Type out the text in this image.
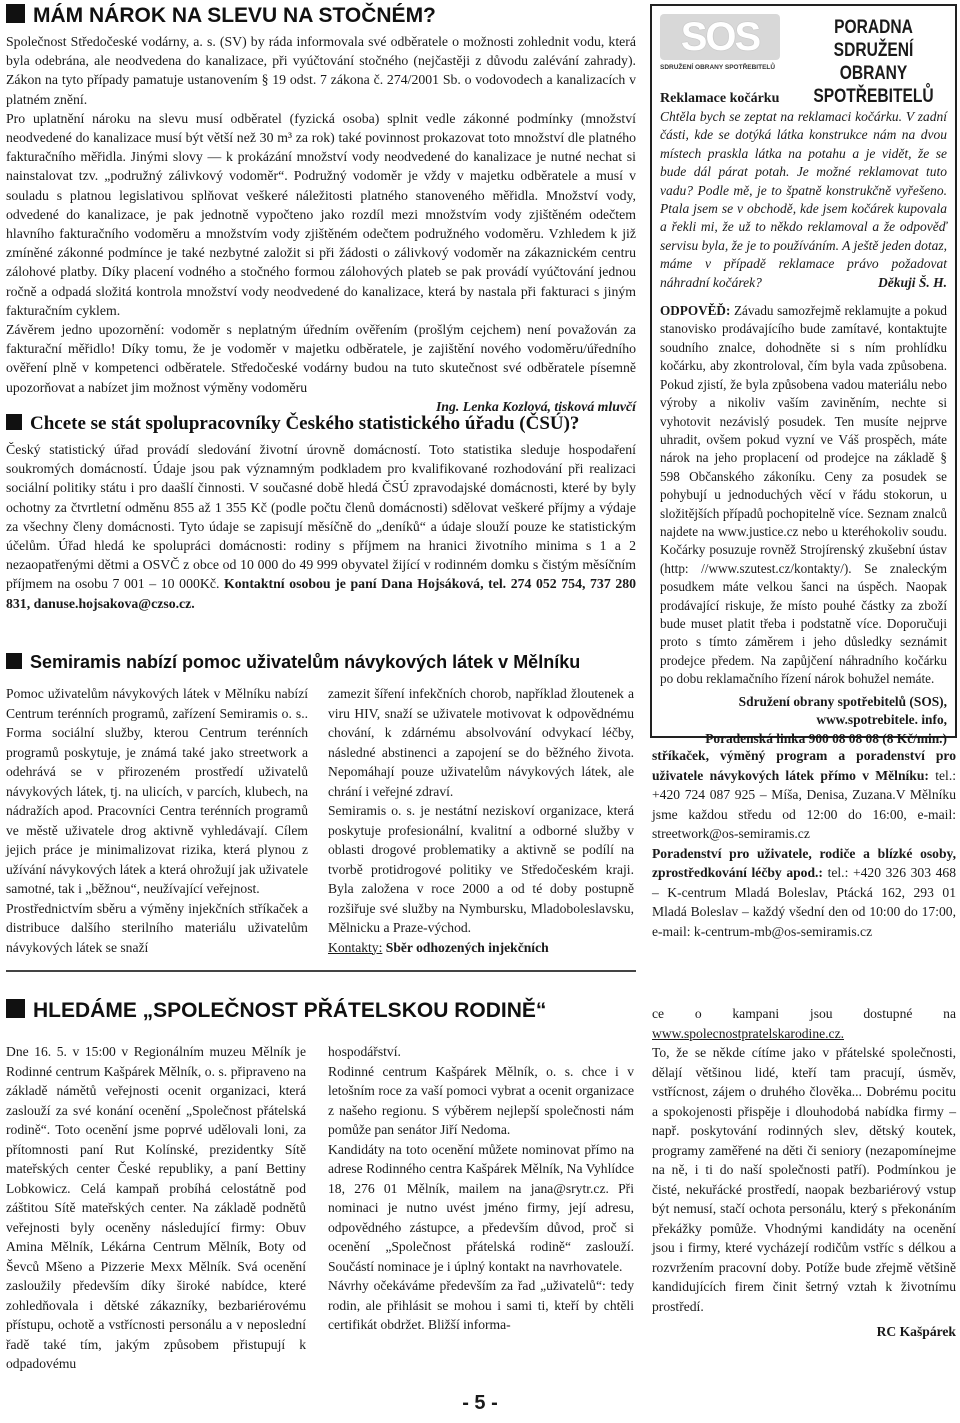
MÁM NÁROK NA SLEVU NA STOČNÉM?

Společnost Středočeské vodárny, a. s. (SV) by ráda informovala své odběratele o možnosti zohlednit vodu, která byla odebrána, ale neodvedena do kanalizace, při vyúčtování stočného (nejčastěji z důvodu zalévání zahrady). Zákon na tyto případy pamatuje ustanovením § 19 odst. 7 zákona č. 274/2001 Sb. o vodovodech a kanalizacích v platném znění.

Pro uplatnění nároku na slevu musí odběratel (fyzická osoba) splnit vedle zákonné podmínky (množství neodvedené do kanalizace musí být větší než 30 m³ za rok) také povinnost prokazovat toto množství dle platného fakturačního měřidla. Jinými slovy — k prokázání množství vody neodvedené do kanalizace je nutné nechat si nainstalovat tzv. „podružný zálivkový vodoměr“. Podružný vodoměr je vždy v majetku odběratele a musí v souladu s platnou legislativou splňovat veškeré náležitosti platného stanoveného měřidla. Množství vody, odvedené do kanalizace, je pak jednotně vypočteno jako rozdíl mezi množstvím vody zjištěném odečtem hlavního fakturačního vodoměru a množstvím vody zjištěném odečtem podružného vodoměru. Vzhledem k již zmíněné zákonné podmínce je také nezbytné založit si při žádosti o zálivkový vodoměr na zákaznickém centru zálohové platby. Díky placení vodného a stočného formou zálohových plateb se pak provádí vyúčtování jednou ročně a odpadá složitá kontrola množství vody neodvedené do kanalizace, která by nastala při fakturaci s jiným fakturačním cyklem.

Závěrem jedno upozornění: vodoměr s neplatným úředním ověřením (prošlým cejchem) není považován za fakturační měřidlo! Díky tomu, že je vodoměr v majetku odběratele, je zajištění nového vodoměru/úředního ověření plně v kompetenci odběratele. Středočeské vodárny budou na tuto skutečnost své odběratele písemně upozorňovat a nabízet jim možnost výměny vodoměru

Ing. Lenka Kozlová, tisková mluvčí

Chcete se stát spolupracovníky Českého statistického úřadu (ČSÚ)?

Český statistický úřad provádí sledování životní úrovně domácností. Toto statistika sleduje hospodaření soukromých domácností. Údaje jsou pak významným podkladem pro kvalifikované rozhodování při realizaci sociální politiky státu i pro daašlí činnosti. V současné době hledá ČSÚ zpravodajské domácnosti, které by byly ochotny za čtvrtletní odměnu 855 až 1 355 Kč (podle počtu členů domácnosti) sdělovat veškeré příjmy a výdaje za všechny členy domácnosti. Tyto údaje se zapisují měsíčně do „deníků“ a údaje slouží pouze ke statistickým účelům. Úřad hledá ke spolupráci domácnosti: rodiny s příjmem na hranici životního minima s 1 a 2 nezaopatřenými dětmi a OSVČ z obce od 10 000 do 49 999 obyvatel žijící v rodinném domku s čistým měsíčním příjmem na osobu 7 001 – 10 000Kč. Kontaktní osobou je paní Dana Hojsáková, tel. 274 052 754, 737 280 831, danuse.hojsakova@czso.cz.

Semiramis nabízí pomoc uživatelům návykových látek v Mělníku

Pomoc uživatelům návykových látek v Mělníku nabízí Centrum terénních programů, zařízení Semiramis o. s.. Forma sociální služby, kterou Centrum terénních programů poskytuje, je známá také jako streetwork a odehrává se v přirozeném prostředí uživatelů návykových látek, tj. na ulicích, v parcích, klubech, na nádražích apod. Pracovníci Centra terénních programů ve městě uživatele drog aktivně vyhledávají. Cílem jejich práce je minimalizovat rizika, která plynou z užívání návykových látek a která ohrožují jak uživatele samotné, tak i „běžnou“, neužívající veřejnost.

Prostřednictvím sběru a výměny injekčních stříkaček a distribuce dalšího sterilního materiálu uživatelům návykových látek se snaží

zamezit šíření infekčních chorob, například žloutenek a viru HIV, snaží se uživatele motivovat k odpovědnému chování, k zdárnému absolvování odvykací léčby, následné abstinenci a zapojení se do běžného života. Nepomáhají pouze uživatelům návykových látek, ale chrání i veřejné zdraví.

Semiramis o. s. je nestátní neziskoví organizace, která poskytuje profesionální, kvalitní a odborné služby v oblasti drogové problematiky a aktivně se podílí na tvorbě protidrogové politiky ve Středočeském kraji. Byla založena v roce 2000 a od té doby postupně rozšiřuje své služby na Nymbursku, Mladoboleslavsku, Mělnicku a Praze-východ.

Kontakty: Sběr odhozených injekčních

stříkaček, výměný program a poradenství pro uživatele návykových látek přímo v Mělníku: tel.: +420 724 087 925 – Míša, Denisa, Zuzana.V Mělníku jsme každou středu od 12:00 do 16:00, e-mail: streetwork@os-semiramis.cz

Poradenství pro uživatele, rodiče a blízké osoby, zprostředkování léčby apod.: tel.: +420 326 303 468 – K-centrum Mladá Boleslav, Ptácká 162, 293 01 Mladá Boleslav – každý všední den od 10:00 do 17:00, e-mail: k-centrum-mb@os-semiramis.cz

SOS
SDRUŽENÍ OBRANY SPOTŘEBITELŮ
PORADNA SDRUŽENÍ
OBRANY SPOTŘEBITELŮ
Reklamace kočárku

Chtěla bych se zeptat na reklamaci kočárku. V zadní části, kde se dotýká látka konstrukce nám na dvou místech praskla látka na potahu a je vidět, že se bude dál párat potah. Je možné reklamovat tuto vadu? Podle mě, je to špatně konstrukčně vyřešeno. Ptala jsem se v obchodě, kde jsem kočárek kupovala a řekli mi, že už to někdo reklamoval a že odpověď servisu byla, že je to používáním. A ještě jeden dotaz, máme v případě reklamace právo požadovat náhradní kočárek?	Děkuji Š. H.

ODPOVĚĎ: Závadu samozřejmě reklamujte a pokud stanovisko prodávajícího bude zamítavé, kontaktujte soudního znalce, dohodněte si s ním prohlídku kočárku, aby zkontroloval, čím byla vada způsobena. Pokud zjistí, že byla způsobena vadou materiálu nebo výroby a nikoliv vaším zaviněním, nechte si vyhotovit nezávislý posudek. Ten musíte nejprve uhradit, ovšem pokud vyzní ve Váš prospěch, máte nárok na jeho proplacení od prodejce na základě § 598 Občanského zákoníku. Ceny za posudek se pohybují u jednoduchých věcí v řádu stokorun, u složitějších případů pochopitelně více. Seznam znalců najdete na www.justice.cz nebo u kteréhokoliv soudu. Kočárky posuzuje rovněž Strojírenský zkušební ústav (http: //www.szutest.cz/kontakty/). Se znaleckým posudkem máte velkou šanci na úspěch. Naopak prodávající riskuje, že místo pouhé částky za zboží bude muset platit třeba i podstatně více. Doporučuji proto s tímto záměrem i jeho důsledky seznámit prodejce předem. Na zapůjčení náhradního kočárku po dobu reklamačního řízení nárok bohužel nemáte.

Sdružení obrany spotřebitelů (SOS),
www.spotrebitele. info,
Poradenská linka 900 08 08 08 (8 Kč/min.)
HLEDÁME „SPOLEČNOST PŘÁTELSKOU RODINĚ“

Dne 16. 5. v 15:00 v Regionálním muzeu Mělník je Rodinné centrum Kašpárek Mělník, o. s. připraveno na základě námětů veřejnosti ocenit organizaci, která zaslouží za své konání ocenění „Společnost přátelská rodině“. Toto ocenění jsme poprvé udělovali loni, za přítomnosti paní Rut Kolínské, prezidentky Sítě mateřských center České republiky, a paní Bettiny Lobkowicz. Celá kampaň probíhá celostátně pod záštitou Sítě mateřských center. Na základě podnětů veřejnosti byly oceněny následující firmy: Obuv Amina Mělník, Lékárna Centrum Mělník, Boty od Ševců Mšeno a Pizzerie Mexx Mělník. Svá ocenění zasloužily především díky široké nabídce, které zohledňovala i dětské zákazníky, bezbariérovému přístupu, ochotě a vstřícnosti personálu a v neposlední řadě také tím, jakým způsobem přistupují k odpadovému

hospodářství.

Rodinné centrum Kašpárek Mělník, o. s. chce i v letošním roce za vaší pomoci vybrat a ocenit organizace z našeho regionu. S výběrem nejlepší společnosti nám pomůže pan senátor Jiří Nedoma.

Kandidáty na toto ocenění můžete nominovat přímo na adrese Rodinného centra Kašpárek Mělník, Na Vyhlídce 18, 276 01 Mělník, mailem na jana@srytr.cz. Při nominaci je nutno uvést jméno firmy, její adresu, odpovědného zástupce, a především důvod, proč si ocenění „Společnost přátelská rodině“ zaslouží. Součástí nominace je i úplný kontakt na navrhovatele.

Návrhy očekáváme především za řad „uživatelů“: tedy rodin, ale přihlásit se mohou i sami ti, kteří by chtěli certifikát obdržet. Bližší informa-

ce o kampani jsou dostupné na www.spolecnostpratelskarodine.cz.

To, že se někde cítíme jako v přátelské společnosti, dělají většinou lidé, kteří tam pracují, úsměv, vstřícnost, zájem o druhého člověka... Dobrému pocitu a spokojenosti přispěje i dlouhodobá nabídka firmy – např. poskytování rodinných slev, dětský koutek, programy zaměřené na děti či seniory (nezapomínejme na ně, i ti do naší společnosti patří). Podmínkou je čisté, nekuřácké prostředí, naopak bezbariérový vstup být nemusí, stačí ochota personálu, který s překonáním překážky pomůže. Vhodnými kandidáty na ocenění jsou i firmy, které vycházejí rodičům vstříc s délkou a rozvržením pracovní doby. Potíže bude zřejmě většině kandidujících firem činit šetrný vztah k životnímu prostředí.

RC Kašpárek

- 5 -
